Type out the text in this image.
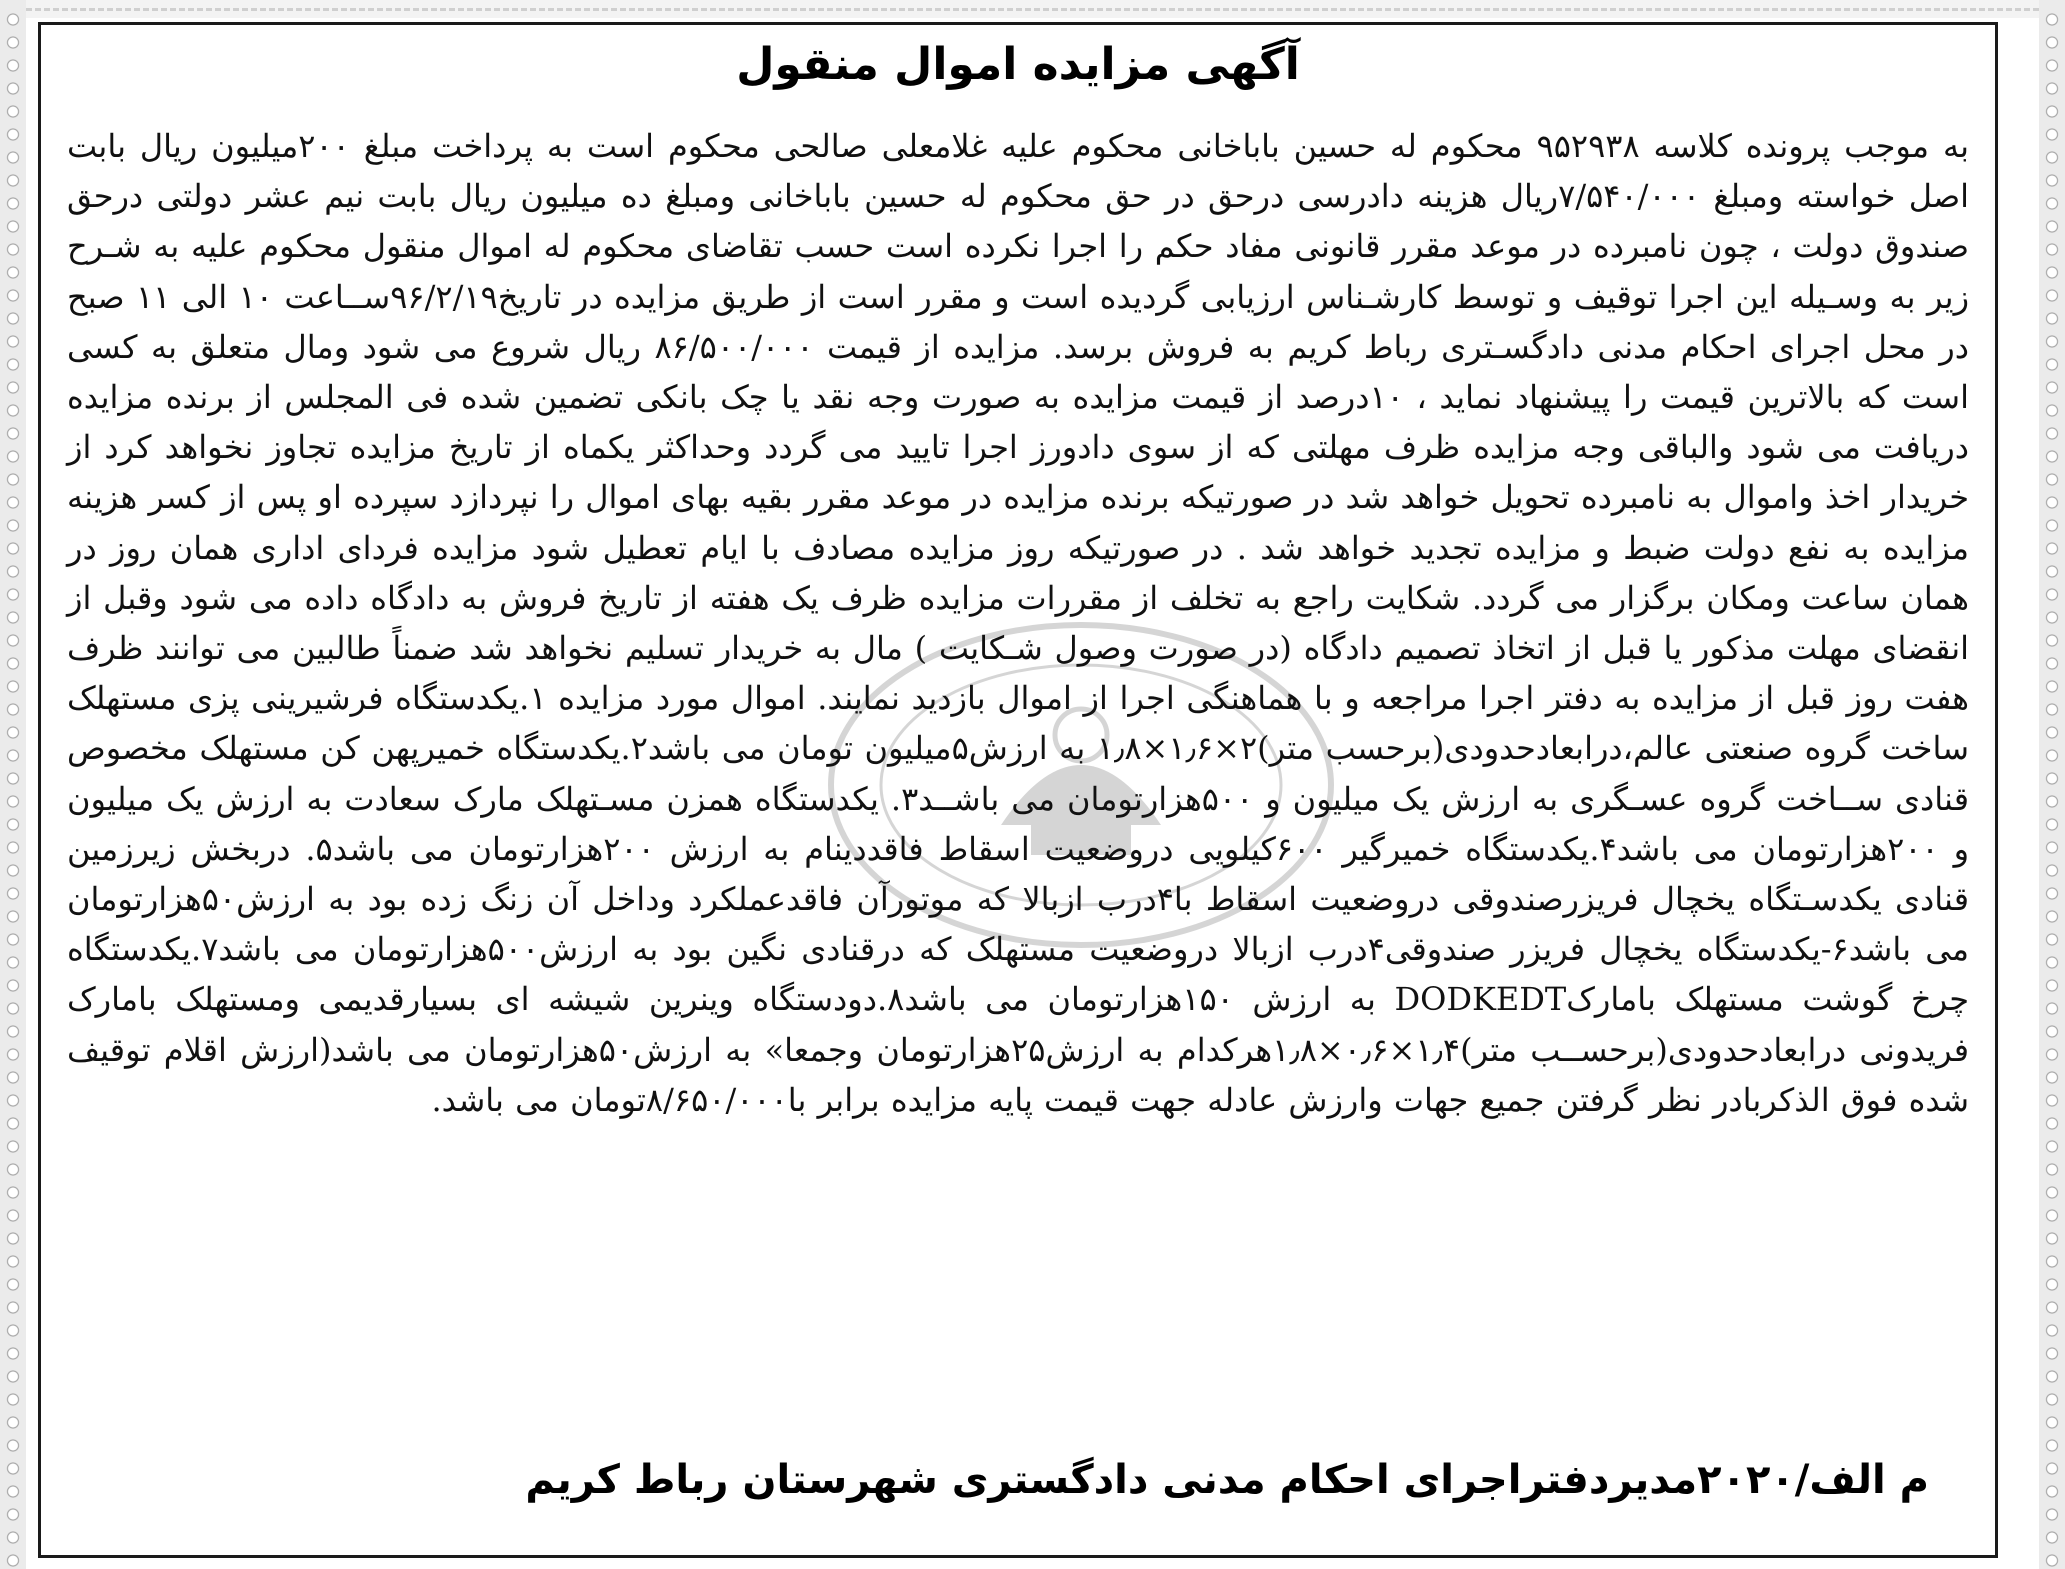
آگهی مزایده اموال منقول

به موجب پرونده کلاسه ۹۵۲۹۳۸ محکوم له حسین باباخانی محکوم علیه غلامعلی صالحی محکوم است به پرداخت مبلغ ۲۰۰میلیون ریال بابت اصل خواسته ومبلغ ۷/۵۴۰/۰۰۰ریال هزینه دادرسی درحق در حق محکوم له حسین باباخانی ومبلغ ده میلیون ریال بابت نیم عشر دولتی درحق صندوق دولت ، چون نامبرده در موعد مقرر قانونی مفاد حکم را اجرا نکرده است حسب تقاضای محکوم له اموال منقول محکوم علیه به شـرح زیر به وسـیله این اجرا توقیف و توسط کارشـناس ارزیابی گردیده است و مقرر است از طریق مزایده در تاریخ۹۶/۲/۱۹ســاعت ۱۰ الی ۱۱ صبح در محل اجرای احکام مدنی دادگسـتری رباط کریم به فروش برسد. مزایده از قیمت ۸۶/۵۰۰/۰۰۰ ریال شروع می شود ومال متعلق به کسی است که بالاترین قیمت را پیشنهاد نماید ، ۱۰درصد از قیمت مزایده به صورت وجه نقد یا چک بانکی تضمین شده فی المجلس از برنده مزایده دریافت می شود والباقی وجه مزایده ظرف مهلتی که از سوی دادورز اجرا تایید می گردد وحداکثر یکماه از تاریخ مزایده تجاوز نخواهد کرد از خریدار اخذ واموال به نامبرده تحویل خواهد شد در صورتیکه برنده مزایده در موعد مقرر بقیه بهای اموال را نپردازد سپرده او پس از کسر هزینه مزایده به نفع دولت ضبط و مزایده تجدید خواهد شد . در صورتیکه روز مزایده مصادف با ایام تعطیل شود مزایده فردای اداری همان روز در همان ساعت ومکان برگزار می گردد. شکایت راجع به تخلف از مقررات مزایده ظرف یک هفته از تاریخ فروش به دادگاه داده می شود وقبل از انقضای مهلت مذکور یا قبل از اتخاذ تصمیم دادگاه (در صورت وصول شـکایت ) مال به خریدار تسلیم نخواهد شد ضمناً طالبین می توانند ظرف هفت روز قبل از مزایده به دفتر اجرا مراجعه و با هماهنگی اجرا از اموال بازدید نمایند. اموال مورد مزایده ۱.یکدستگاه فرشیرینی پزی مستهلک ساخت گروه صنعتی عالم،درابعادحدودی(برحسب متر)۲×۱٫۶×۱٫۸ به ارزش۵میلیون تومان می باشد۲.یکدستگاه خمیرپهن کن مستهلک مخصوص قنادی ســاخت گروه عسـگری به ارزش یک میلیون و ۵۰۰هزارتومان می باشــد۳. یکدستگاه همزن مسـتهلک مارک سعادت به ارزش یک میلیون و ۲۰۰هزارتومان می باشد۴.یکدستگاه خمیرگیر ۶۰۰کیلویی دروضعیت اسقاط فاقددینام به ارزش ۲۰۰هزارتومان می باشد۵. دربخش زیرزمین قنادی یکدسـتگاه یخچال فریزرصندوقی دروضعیت اسقاط با۴درب ازبالا که موتورآن فاقدعملکرد وداخل آن زنگ زده بود به ارزش۵۰هزارتومان می باشد۶-یکدستگاه یخچال فریزر صندوقی۴درب ازبالا دروضعیت مستهلک که درقنادی نگین بود به ارزش۵۰۰هزارتومان می باشد۷.یکدستگاه چرخ گوشت مستهلک بامارکDODKEDT به ارزش ۱۵۰هزارتومان می باشد۸.دودستگاه وینرین شیشه ای بسیارقدیمی ومستهلک بامارک فریدونی درابعادحدودی(برحســب متر)۱٫۴×۰٫۶×۱٫۸هرکدام به ارزش۲۵هزارتومان وجمعا» به ارزش۵۰هزارتومان می باشد(ارزش اقلام توقیف شده فوق الذکربادر نظر گرفتن جمیع جهات وارزش عادله جهت قیمت پایه مزایده برابر با۸/۶۵۰/۰۰۰تومان می باشد.

م الف/۲۰۲۰مدیردفتراجرای احکام مدنی دادگستری شهرستان رباط کریم
